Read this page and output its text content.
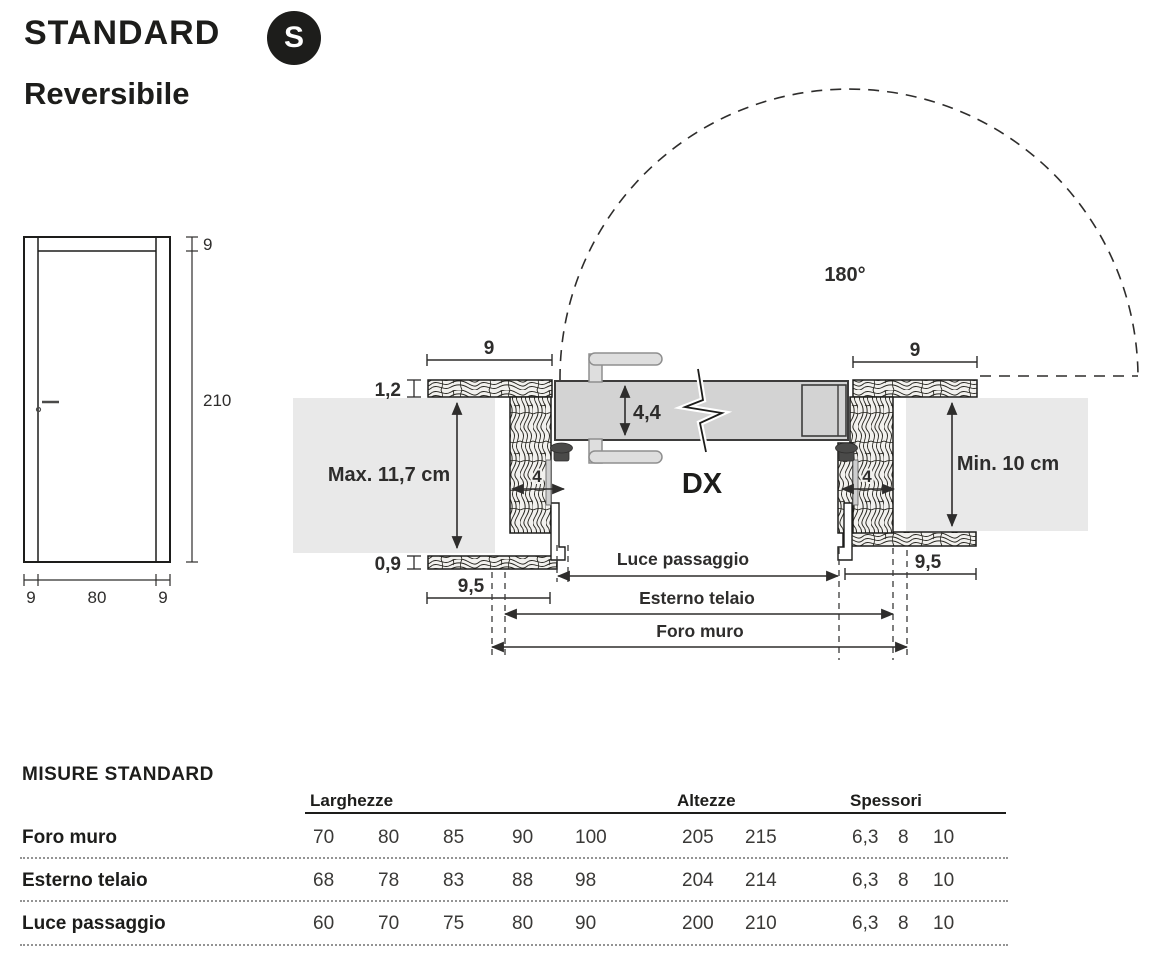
STANDARD S
Reversibile
9
210
9	80	9
Max. 11,7 cm	Min. 10 cm
4	4
4,4
180°
DX
9	9
1,2
0,9
9,5
9,5
Luce passaggio
Esterno telaio
Foro muro
MISURE STANDARD
Larghezze	Altezze	Spessori
Foro muro	70 80 85	90 100	205 215	6,3 8 10
Esterno telaio	68 78 83	88 98	204 214	6,3 8 10
Luce passaggio	60 70 75	80 90	200 210	6,3 8 10
